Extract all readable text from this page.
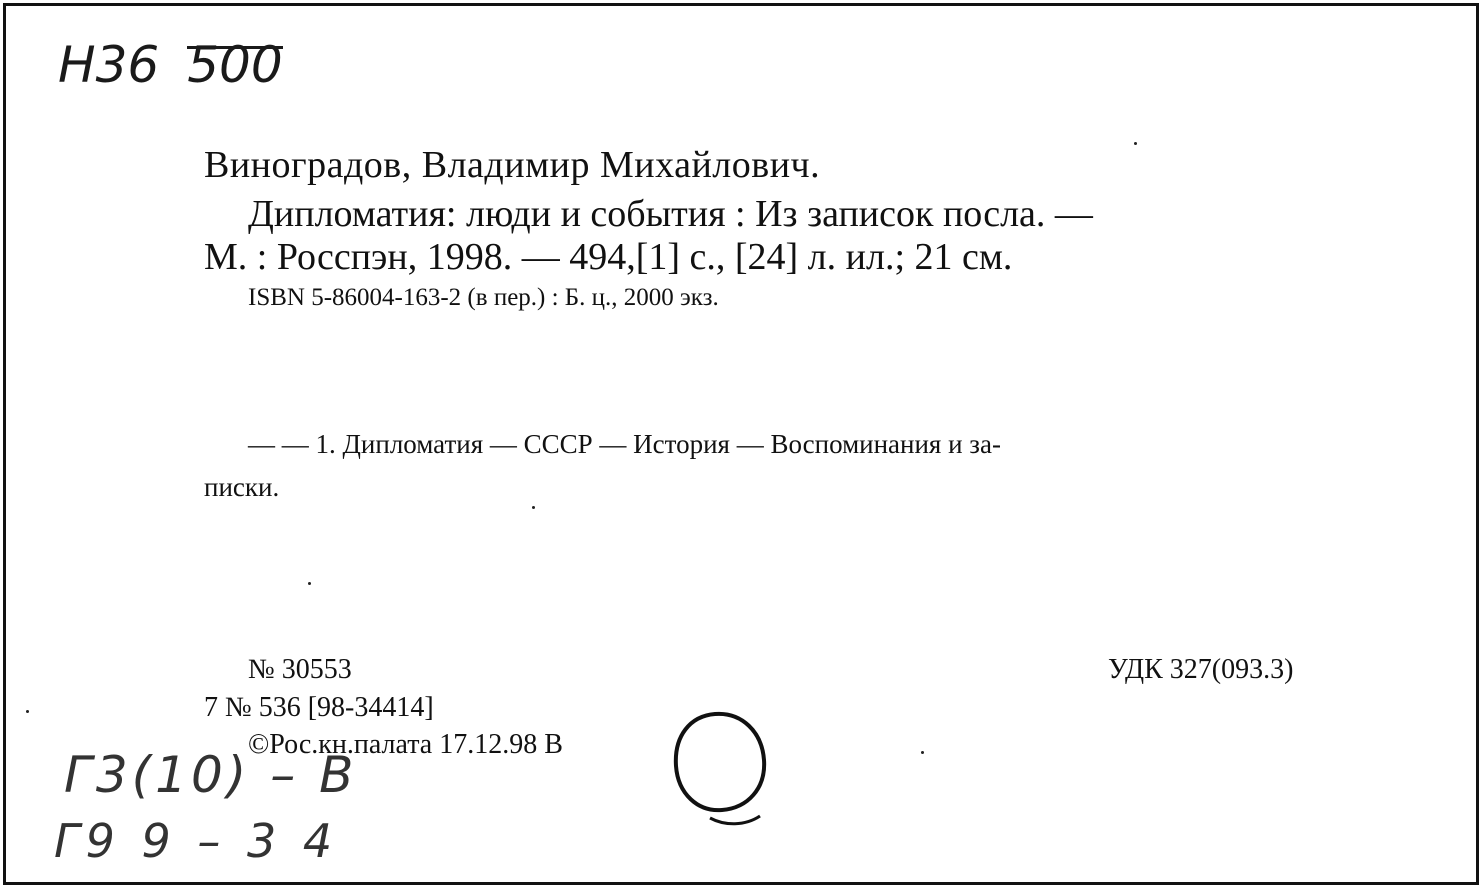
Н36 500
Виноградов, Владимир Михайлович.
Дипломатия: люди и события : Из записок посла. —
М. : Росспэн, 1998. — 494,[1] с., [24] л. ил.; 21 см.
ISBN 5-86004-163-2 (в пер.) : Б. ц., 2000 экз.
— — 1. Дипломатия — СССР — История — Воспоминания и за-
писки.
№ 30553	УДК 327(093.3)
7 № 536 [98-34414]
©Рос.кн.палата 17.12.98 В
Г3(10) – В
Г9 9 – 3 4
